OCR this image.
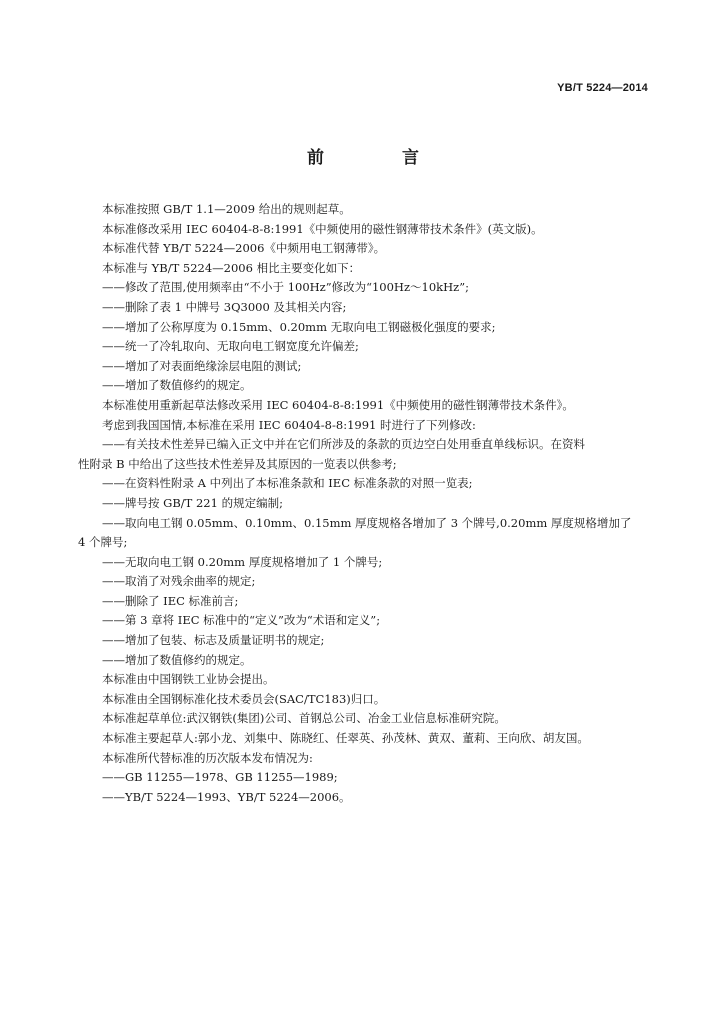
YB/T 5224—2014
前 言
本标准按照 GB/T 1.1—2009 给出的规则起草。
本标准修改采用 IEC 60404-8-8:1991《中频使用的磁性钢薄带技术条件》(英文版)。
本标准代替 YB/T 5224—2006《中频用电工钢薄带》。
本标准与 YB/T 5224—2006 相比主要变化如下：
——修改了范围,使用频率由“不小于 100Hz”修改为“100Hz～10kHz”;
——删除了表 1 中牌号 3Q3000 及其相关内容;
——增加了公称厚度为 0.15mm、0.20mm 无取向电工钢磁极化强度的要求;
——统一了冷轧取向、无取向电工钢宽度允许偏差;
——增加了对表面绝缘涂层电阻的测试;
——增加了数值修约的规定。
本标准使用重新起草法修改采用 IEC 60404-8-8:1991《中频使用的磁性钢薄带技术条件》。
考虑到我国国情,本标准在采用 IEC 60404-8-8:1991 时进行了下列修改:
——有关技术性差异已编入正文中并在它们所涉及的条款的页边空白处用垂直单线标识。在资料
性附录 B 中给出了这些技术性差异及其原因的一览表以供参考;
——在资料性附录 A 中列出了本标准条款和 IEC 标准条款的对照一览表;
——牌号按 GB/T 221 的规定编制;
——取向电工钢 0.05mm、0.10mm、0.15mm 厚度规格各增加了 3 个牌号,0.20mm 厚度规格增加了
4 个牌号;
——无取向电工钢 0.20mm 厚度规格增加了 1 个牌号;
——取消了对残余曲率的规定;
——删除了 IEC 标准前言;
——第 3 章将 IEC 标准中的“定义”改为“术语和定义”;
——增加了包装、标志及质量证明书的规定;
——增加了数值修约的规定。
本标准由中国钢铁工业协会提出。
本标准由全国钢标准化技术委员会(SAC/TC183)归口。
本标准起草单位:武汉钢铁(集团)公司、首钢总公司、冶金工业信息标准研究院。
本标准主要起草人:郭小龙、刘集中、陈晓红、任翠英、孙茂林、黄双、董莉、王向欣、胡友国。
本标准所代替标准的历次版本发布情况为:
——GB 11255—1978、GB 11255—1989;
——YB/T 5224—1993、YB/T 5224—2006。
